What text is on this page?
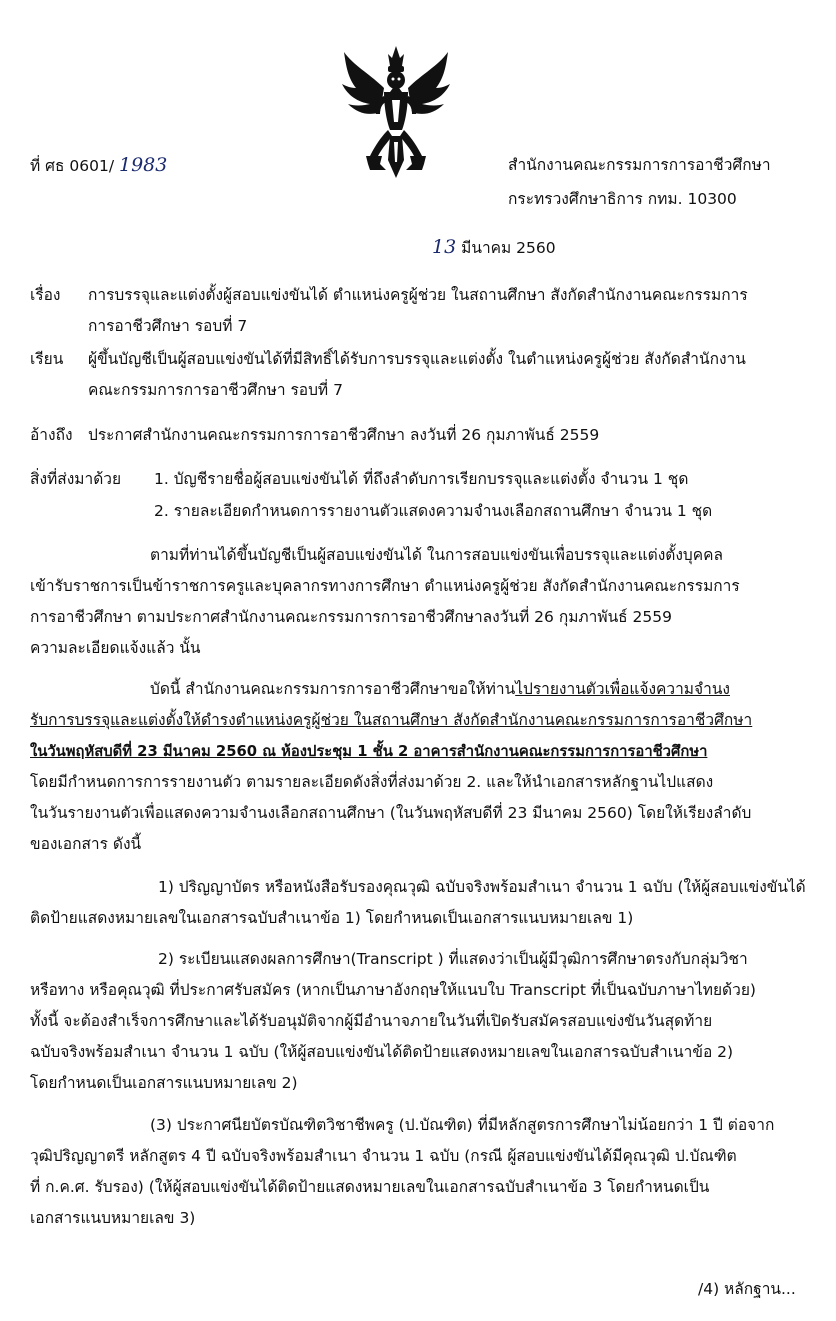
ที่ ศธ 0601/ 1983	สำนักงานคณะกรรมการการอาชีวศึกษา
กระทรวงศึกษาธิการ กทม. 10300
13 มีนาคม 2560
เรื่อง การบรรจุและแต่งตั้งผู้สอบแข่งขันได้ ตำแหน่งครูผู้ช่วย ในสถานศึกษา สังกัดสำนักงานคณะกรรมการ
การอาชีวศึกษา รอบที่ 7
เรียน ผู้ขึ้นบัญชีเป็นผู้สอบแข่งขันได้ที่มีสิทธิ์ได้รับการบรรจุและแต่งตั้ง ในตำแหน่งครูผู้ช่วย สังกัดสำนักงาน
คณะกรรมการการอาชีวศึกษา รอบที่ 7
อ้างถึง ประกาศสำนักงานคณะกรรมการการอาชีวศึกษา ลงวันที่ 26 กุมภาพันธ์ 2559
สิ่งที่ส่งมาด้วย 1. บัญชีรายชื่อผู้สอบแข่งขันได้ ที่ถึงลำดับการเรียกบรรจุและแต่งตั้ง จำนวน 1 ชุด
2. รายละเอียดกำหนดการรายงานตัวแสดงความจำนงเลือกสถานศึกษา จำนวน 1 ชุด
ตามที่ท่านได้ขึ้นบัญชีเป็นผู้สอบแข่งขันได้ ในการสอบแข่งขันเพื่อบรรจุและแต่งตั้งบุคคล
เข้ารับราชการเป็นข้าราชการครูและบุคลากรทางการศึกษา ตำแหน่งครูผู้ช่วย สังกัดสำนักงานคณะกรรมการ
การอาชีวศึกษา ตามประกาศสำนักงานคณะกรรมการการอาชีวศึกษาลงวันที่ 26 กุมภาพันธ์ 2559
ความละเอียดแจ้งแล้ว นั้น
บัดนี้ สำนักงานคณะกรรมการการอาชีวศึกษาขอให้ท่านไปรายงานตัวเพื่อแจ้งความจำนง
รับการบรรจุและแต่งตั้งให้ดำรงตำแหน่งครูผู้ช่วย ในสถานศึกษา สังกัดสำนักงานคณะกรรมการการอาชีวศึกษา
ในวันพฤหัสบดีที่ 23 มีนาคม 2560 ณ ห้องประชุม 1 ชั้น 2 อาคารสำนักงานคณะกรรมการการอาชีวศึกษา
โดยมีกำหนดการการรายงานตัว ตามรายละเอียดดังสิ่งที่ส่งมาด้วย 2. และให้นำเอกสารหลักฐานไปแสดง
ในวันรายงานตัวเพื่อแสดงความจำนงเลือกสถานศึกษา (ในวันพฤหัสบดีที่ 23 มีนาคม 2560) โดยให้เรียงลำดับ
ของเอกสาร ดังนี้
1) ปริญญาบัตร หรือหนังสือรับรองคุณวุฒิ ฉบับจริงพร้อมสำเนา จำนวน 1 ฉบับ (ให้ผู้สอบแข่งขันได้
ติดป้ายแสดงหมายเลขในเอกสารฉบับสำเนาข้อ 1) โดยกำหนดเป็นเอกสารแนบหมายเลข 1)
2) ระเบียนแสดงผลการศึกษา(Transcript ) ที่แสดงว่าเป็นผู้มีวุฒิการศึกษาตรงกับกลุ่มวิชา
หรือทาง หรือคุณวุฒิ ที่ประกาศรับสมัคร (หากเป็นภาษาอังกฤษให้แนบใบ Transcript ที่เป็นฉบับภาษาไทยด้วย)
ทั้งนี้ จะต้องสำเร็จการศึกษาและได้รับอนุมัติจากผู้มีอำนาจภายในวันที่เปิดรับสมัครสอบแข่งขันวันสุดท้าย
ฉบับจริงพร้อมสำเนา จำนวน 1 ฉบับ (ให้ผู้สอบแข่งขันได้ติดป้ายแสดงหมายเลขในเอกสารฉบับสำเนาข้อ 2)
โดยกำหนดเป็นเอกสารแนบหมายเลข 2)
(3) ประกาศนียบัตรบัณฑิตวิชาชีพครู (ป.บัณฑิต) ที่มีหลักสูตรการศึกษาไม่น้อยกว่า 1 ปี ต่อจาก
วุฒิปริญญาตรี หลักสูตร 4 ปี ฉบับจริงพร้อมสำเนา จำนวน 1 ฉบับ (กรณี ผู้สอบแข่งขันได้มีคุณวุฒิ ป.บัณฑิต
ที่ ก.ค.ศ. รับรอง) (ให้ผู้สอบแข่งขันได้ติดป้ายแสดงหมายเลขในเอกสารฉบับสำเนาข้อ 3 โดยกำหนดเป็น
เอกสารแนบหมายเลข 3)
/4) หลักฐาน...
